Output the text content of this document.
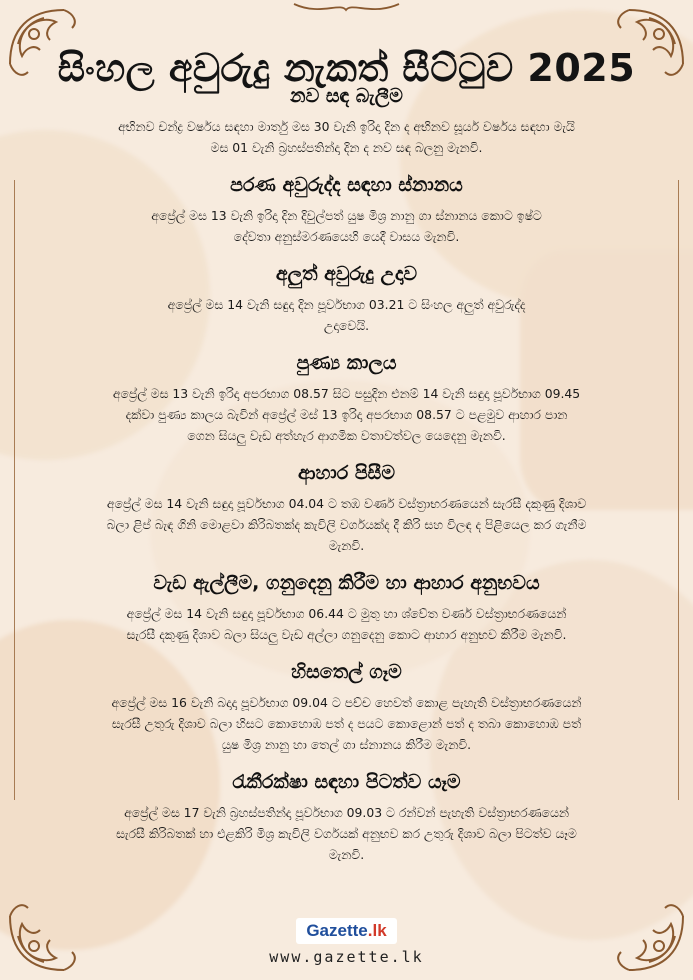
සිංහල අවුරුදු නැකත් සීට්ටුව 2025
නව සඳ බැලීම

අභිනව චන්ද්‍ර වර්ෂය සඳහා මාර්තු මස 30 වැනි ඉරිදා දින ද අභිනව සූර්ය වර්ෂය සඳහා මැයි මස 01 වැනි බ්‍රහස්පතින්දා දින ද නව සඳ බලනු මැනවි.

පරණ අවුරුද්ද සඳහා ස්නානය

අප්‍රේල් මස 13 වැනි ඉරිදා දින දිවුල්පත් යුෂ මිශ්‍ර නානු ගා ස්නානය කොට ඉෂ්ට දේවතා අනුස්මරණයෙහි යෙදී වාසය මැනවි.

අලුත් අවුරුදු උදාව

අප්‍රේල් මස 14 වැනි සඳුදා දින පූර්වභාග 03.21 ට සිංහල අලුත් අවුරුද්ද උදාවෙයි.

පුණ්‍ය කාලය

අප්‍රේල් මස 13 වැනි ඉරිදා අපරභාග 08.57 සිට පසුදින එනම් 14 වැනි සඳුදා පූර්වභාග 09.45 දක්වා පුණ්‍ය කාලය බැවින් අප්‍රේල් මස් 13 ඉරිදා අපරභාග 08.57 ට පළමුව ආහාර පාන ගෙන සියලු වැඩ අත්හැර ආගමික වතාවත්වල යෙදෙනු මැනවි.

ආහාර පිසීම

අප්‍රේල් මස 14 වැනි සඳුදා පූර්වභාග 04.04 ට තඹ වර්ණ වස්ත්‍රාභරණයෙන් සැරසී දකුණු දිශාව බලා ළිප් බැඳ ගිනි මොළවා කිරිබතක්ද කැවිලි වර්ගයක්ද දී කිරි සහ විලඳ ද පිළියෙල කර ගැනීම මැනවි.

වැඩ ඇල්ලීම, ගනුදෙනු කිරීම හා ආහාර අනුභවය

අප්‍රේල් මස 14 වැනි සඳුදා පූර්වභාග 06.44 ට මුතු හා ශ්වේත වර්ණ වස්ත්‍රාභරණයෙන් සැරසී දකුණු දිශාව බලා සියලු වැඩ අල්ලා ගනුදෙනු කොට ආහාර අනුභව කිරීම මැනවි.

හිසතෙල් ගෑම

අප්‍රේල් මස 16 වැනි බදාදා පූර්වභාග 09.04 ට පච්ච හෙවත් කොළ පැහැති වස්ත්‍රාභරණයෙන් සැරසී උතුරු දිශාව බලා හිසට කොහොඹ පත් ද පයට කොළොන් පත් ද තබා කොහොඹ පත් යුෂ මිශ්‍ර නානු හා තෙල් ගා ස්නානය කිරීම මැනවි.

රැකීරක්ෂා සඳහා පිටත්ව යෑම

අප්‍රේල් මස 17 වැනි බ්‍රහස්පතින්දා පූර්වභාග 09.03 ට රන්වන් පැහැති වස්ත්‍රාභරණයෙන් සැරසී කිරිබතක් හා එළකිරි මිශ්‍ර කැවිලි වර්ගයක් අනුභව කර උතුරු දිශාව බලා පිටත්ව යෑම මැනවි.

Gazette.lk
www.gazette.lk
